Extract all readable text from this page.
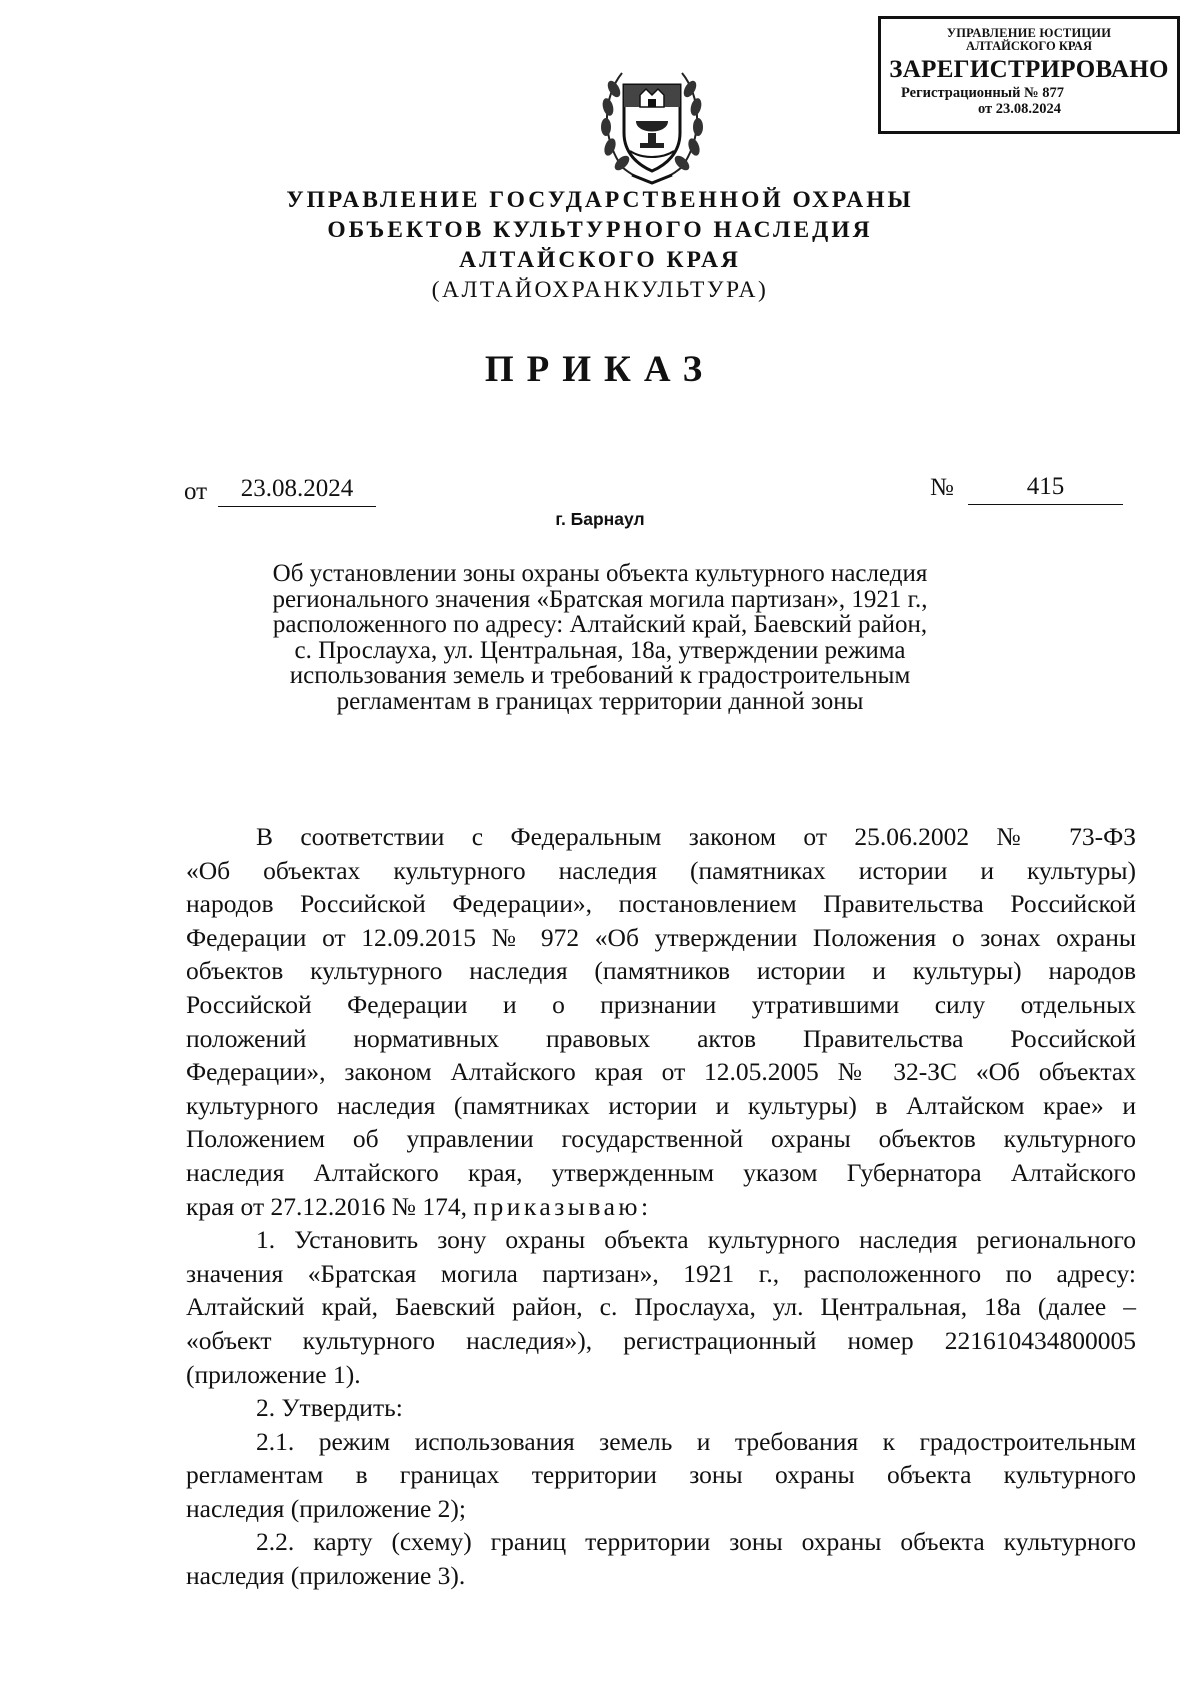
УПРАВЛЕНИЕ ЮСТИЦИИ
АЛТАЙСКОГО КРАЯ
ЗАРЕГИСТРИРОВАНО
Регистрационный № 877
от 23.08.2024
УПРАВЛЕНИЕ ГОСУДАРСТВЕННОЙ ОХРАНЫ
ОБЪЕКТОВ КУЛЬТУРНОГО НАСЛЕДИЯ
АЛТАЙСКОГО КРАЯ
(АЛТАЙОХРАНКУЛЬТУРА)
ПРИКАЗ
от	23.08.2024	№	415
г. Барнаул
Об установлении зоны охраны объекта культурного наследия
регионального значения «Братская могила партизан», 1921 г.,
расположенного по адресу: Алтайский край, Баевский район,
с. Прослауха, ул. Центральная, 18а, утверждении режима
использования земель и требований к градостроительным
регламентам в границах территории данной зоны
В соответствии с Федеральным законом от 25.06.2002 № 73-ФЗ
«Об объектах культурного наследия (памятниках истории и культуры)
народов Российской Федерации», постановлением Правительства Российской
Федерации от 12.09.2015 № 972 «Об утверждении Положения о зонах охраны
объектов культурного наследия (памятников истории и культуры) народов
Российской Федерации и о признании утратившими силу отдельных
положений нормативных правовых актов Правительства Российской
Федерации», законом Алтайского края от 12.05.2005 № 32-ЗС «Об объектах
культурного наследия (памятниках истории и культуры) в Алтайском крае» и
Положением об управлении государственной охраны объектов культурного
наследия Алтайского края, утвержденным указом Губернатора Алтайского
края от 27.12.2016 № 174, приказываю:
1. Установить зону охраны объекта культурного наследия регионального
значения «Братская могила партизан», 1921 г., расположенного по адресу:
Алтайский край, Баевский район, с. Прослауха, ул. Центральная, 18а (далее –
«объект культурного наследия»), регистрационный номер 221610434800005
(приложение 1).
2. Утвердить:
2.1. режим использования земель и требования к градостроительным
регламентам в границах территории зоны охраны объекта культурного
наследия (приложение 2);
2.2. карту (схему) границ территории зоны охраны объекта культурного
наследия (приложение 3).
